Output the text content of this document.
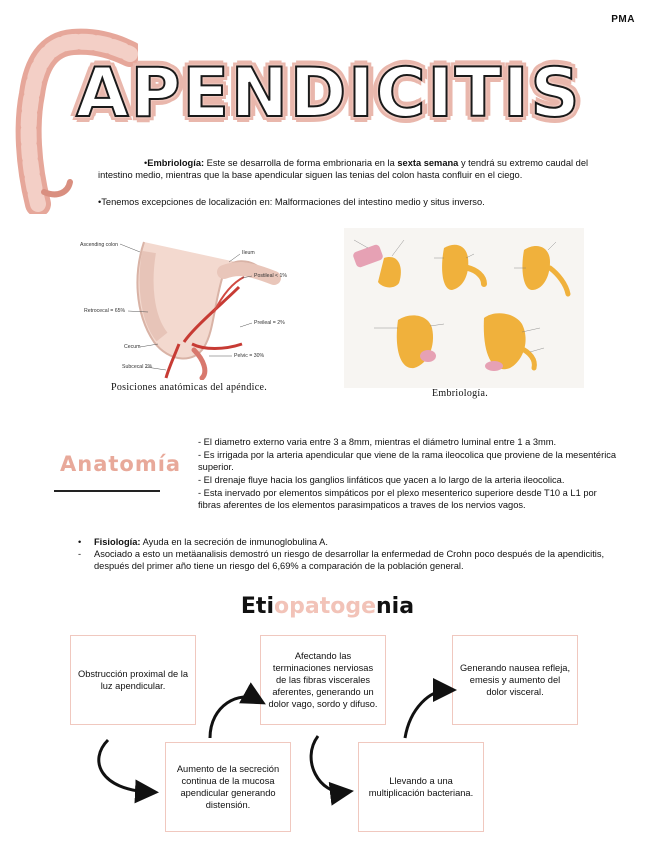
PMA
APENDICITIS
•Embriología: Este se desarrolla de forma embrionaria en la sexta semana y tendrá su extremo caudal del intestino medio, mientras que la base apendicular siguen las tenias del colon hasta confluir en el ciego.
•Tenemos excepciones de localización en: Malformaciones del intestino medio y situs inverso.
Ascending colon
Ileum
Postileal < 1%
Retrocecal = 65%
Preileal = 2%
Cecum
Pelvic = 30%
Subcecal 2%
Posiciones anatómicas del apéndice.
Embriología.
Anatomía
- El diametro externo varia entre 3 a 8mm, mientras el diámetro luminal entre 1 a 3mm.
- Es irrigada por la arteria apendicular que viene de la rama ileocolica que proviene de la mesentérica superior.
- El drenaje fluye hacia los ganglios linfáticos que yacen a lo largo de la arteria ileocolica.
- Esta inervado por elementos simpáticos por el plexo mesenterico superiore desde T10 a L1 por fibras aferentes de los elementos parasimpaticos a traves de los nervios vagos.
•	Fisiología: Ayuda en la secreción de inmunoglobulina A.
-	Asociado a esto un metäanalisis demostró un riesgo de desarrollar la enfermedad de Crohn poco después de la apendicitis, después del primer año tiene un riesgo del 6,69% a comparación de la población general.
Etiopatogenia
Obstrucción proximal de la luz apendicular.
Afectando las terminaciones nerviosas de las fibras viscerales aferentes, generando un dolor vago, sordo y difuso.
Generando nausea refleja, emesis y aumento del dolor visceral.
Aumento de la secreción continua de la mucosa apendicular generando distensión.
Llevando a una multiplicación bacteriana.
